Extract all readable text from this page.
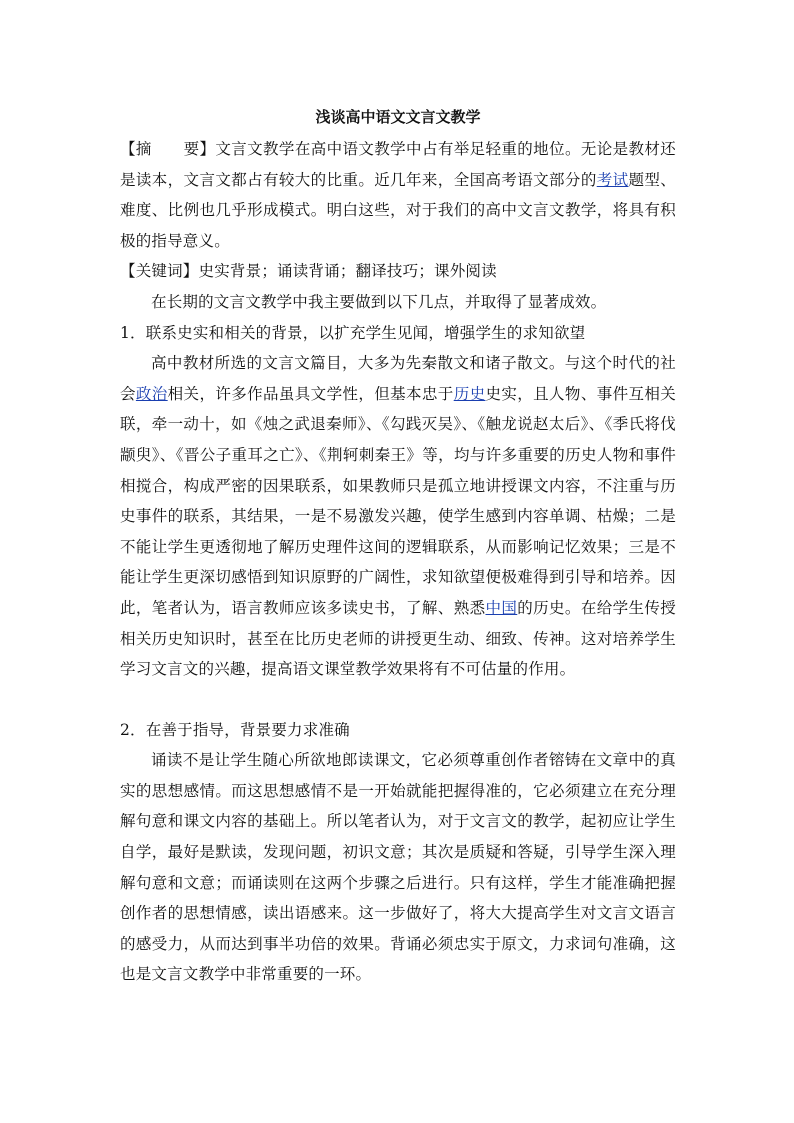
浅谈高中语文文言文教学

【摘　　要】文言文教学在高中语文教学中占有举足轻重的地位。无论是教材还是读本，文言文都占有较大的比重。近几年来，全国高考语文部分的考试题型、难度、比例也几乎形成模式。明白这些，对于我们的高中文言文教学，将具有积极的指导意义。

【关键词】史实背景；诵读背诵；翻译技巧；课外阅读

在长期的文言文教学中我主要做到以下几点，并取得了显著成效。

1．联系史实和相关的背景，以扩充学生见闻，增强学生的求知欲望

高中教材所选的文言文篇目，大多为先秦散文和诸子散文。与这个时代的社会政治相关，许多作品虽具文学性，但基本忠于历史史实，且人物、事件互相关联，牵一动十，如《烛之武退秦师》、《勾践灭吴》、《触龙说赵太后》、《季氏将伐颛臾》、《晋公子重耳之亡》、《荆轲刺秦王》等，均与许多重要的历史人物和事件相搅合，构成严密的因果联系，如果教师只是孤立地讲授课文内容，不注重与历史事件的联系，其结果，一是不易激发兴趣，使学生感到内容单调、枯燥；二是不能让学生更透彻地了解历史理件这间的逻辑联系，从而影响记忆效果；三是不能让学生更深切感悟到知识原野的广阔性，求知欲望便极难得到引导和培养。因此，笔者认为，语言教师应该多读史书，了解、熟悉中国的历史。在给学生传授相关历史知识时，甚至在比历史老师的讲授更生动、细致、传神。这对培养学生学习文言文的兴趣，提高语文课堂教学效果将有不可估量的作用。

2．在善于指导，背景要力求准确

诵读不是让学生随心所欲地郎读课文，它必须尊重创作者镕铸在文章中的真实的思想感情。而这思想感情不是一开始就能把握得准的，它必须建立在充分理解句意和课文内容的基础上。所以笔者认为，对于文言文的教学，起初应让学生自学，最好是默读，发现问题，初识文意；其次是质疑和答疑，引导学生深入理解句意和文意；而诵读则在这两个步骤之后进行。只有这样，学生才能准确把握创作者的思想情感，读出语感来。这一步做好了，将大大提高学生对文言文语言的感受力，从而达到事半功倍的效果。背诵必须忠实于原文，力求词句准确，这也是文言文教学中非常重要的一环。
